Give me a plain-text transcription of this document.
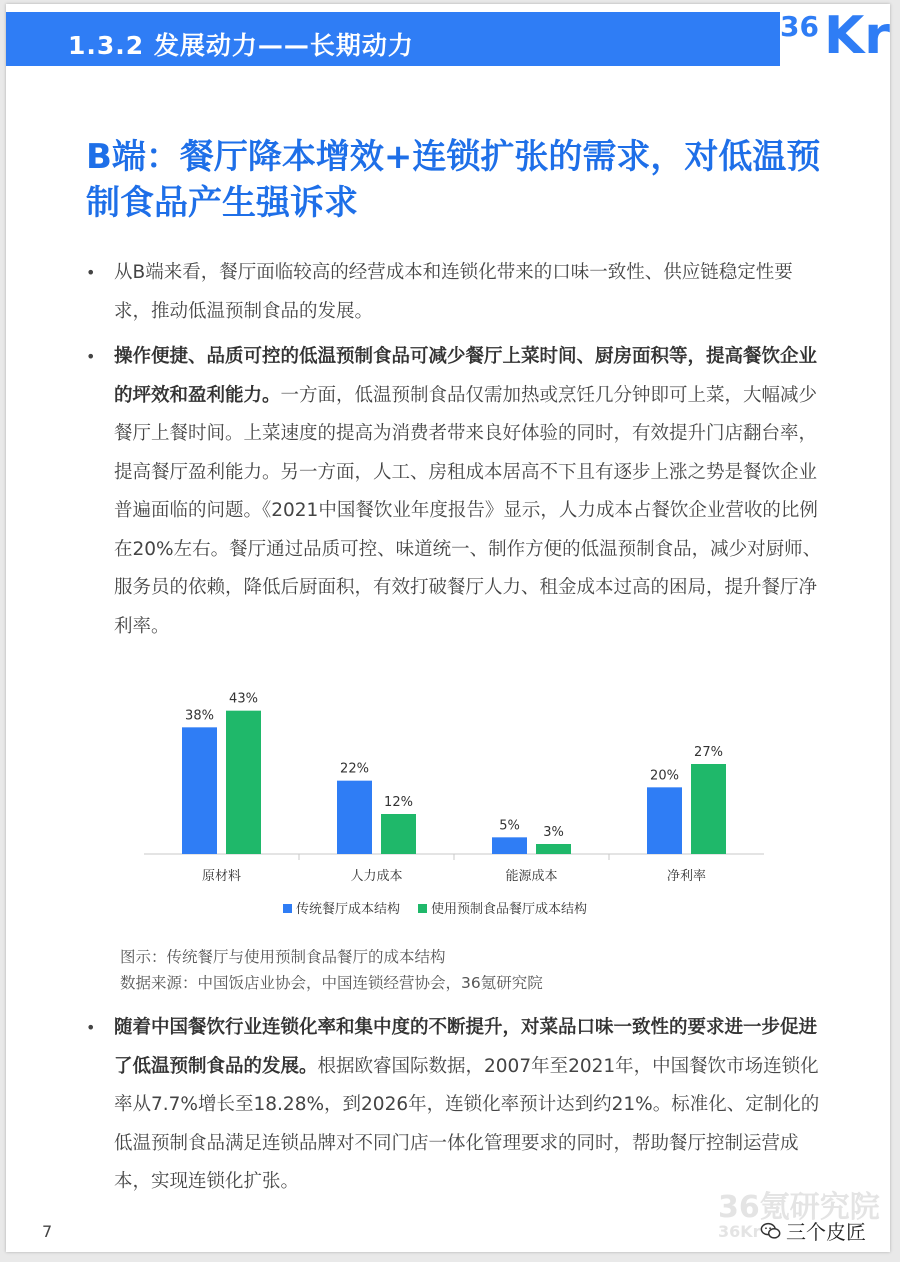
1.3.2 发展动力——长期动力
36 Kr
B端：餐厅降本增效+连锁扩张的需求，对低温预制食品产生强诉求

• 从B端来看，餐厅面临较高的经营成本和连锁化带来的口味一致性、供应链稳定性要求，推动低温预制食品的发展。

• 操作便捷、品质可控的低温预制食品可减少餐厅上菜时间、厨房面积等，提高餐饮企业的坪效和盈利能力。一方面，低温预制食品仅需加热或烹饪几分钟即可上菜，大幅减少餐厅上餐时间。上菜速度的提高为消费者带来良好体验的同时，有效提升门店翻台率，提高餐厅盈利能力。另一方面，人工、房租成本居高不下且有逐步上涨之势是餐饮企业普遍面临的问题。《2021中国餐饮业年度报告》显示，人力成本占餐饮企业营收的比例在20%左右。餐厅通过品质可控、味道统一、制作方便的低温预制食品，减少对厨师、服务员的依赖，降低后厨面积，有效打破餐厅人力、租金成本过高的困局，提升餐厅净利率。

38%
43%
原材料
22%
12%
人力成本
5% 3%
能源成本
20%
27%
净利率
传统餐厅成本结构 使用预制食品餐厅成本结构
图示：传统餐厅与使用预制食品餐厅的成本结构
数据来源：中国饭店业协会，中国连锁经营协会，36氪研究院

• 随着中国餐饮行业连锁化率和集中度的不断提升，对菜品口味一致性的要求进一步促进了低温预制食品的发展。根据欧睿国际数据，2007年至2021年，中国餐饮市场连锁化率从7.7%增长至18.28%，到2026年，连锁化率预计达到约21%。标准化、定制化的低温预制食品满足连锁品牌对不同门店一体化管理要求的同时，帮助餐厅控制运营成本，实现连锁化扩张。

36氪研究院
36Kr 三个皮匠
7
